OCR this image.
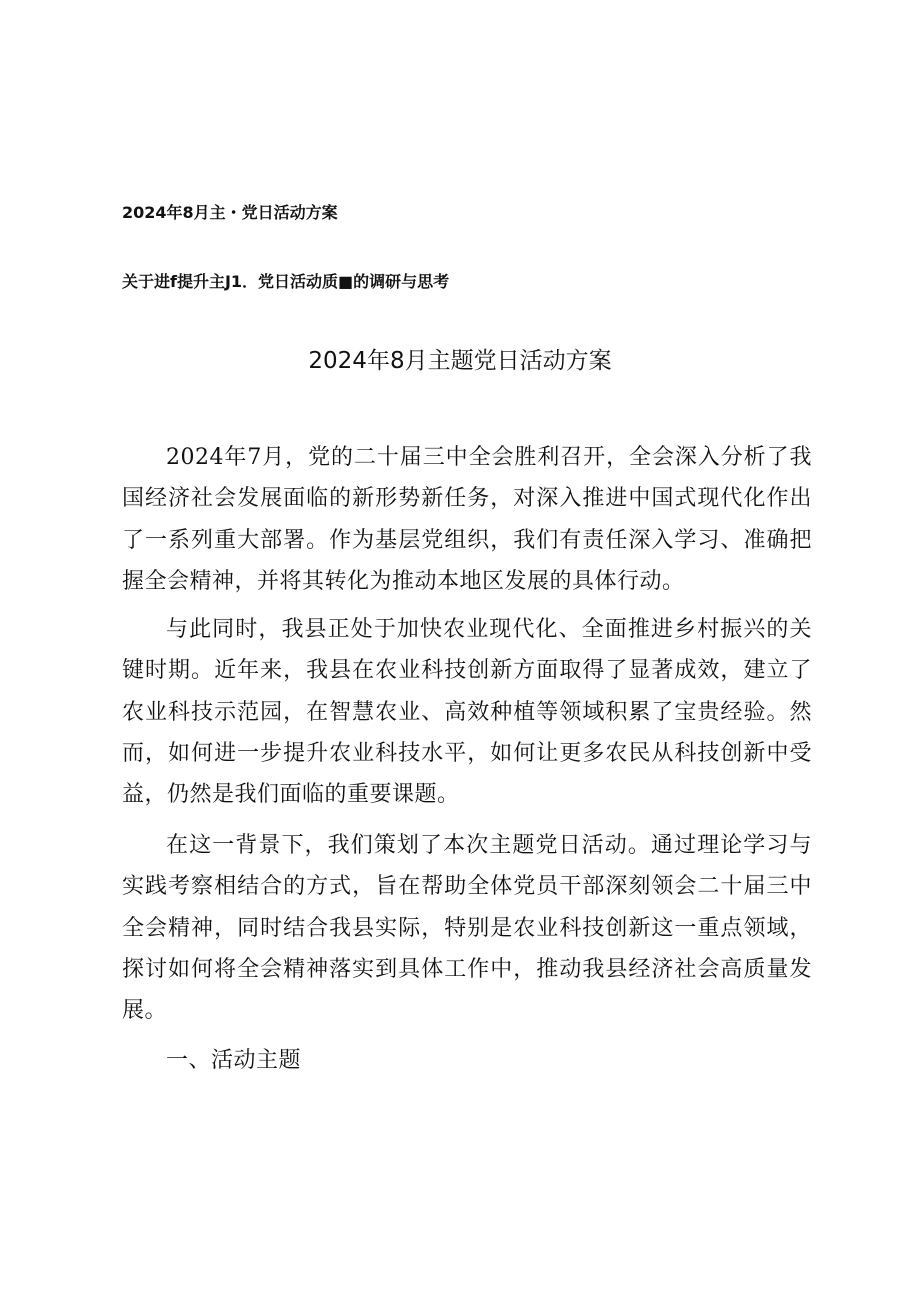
2024年8月主・党日活动方案
关于进f提升主J1．党日活动质■的调研与思考
2024年8月主题党日活动方案

2024年7月，党的二十届三中全会胜利召开，全会深入分析了我国经济社会发展面临的新形势新任务，对深入推进中国式现代化作出了一系列重大部署。作为基层党组织，我们有责任深入学习、准确把握全会精神，并将其转化为推动本地区发展的具体行动。

与此同时，我县正处于加快农业现代化、全面推进乡村振兴的关键时期。近年来，我县在农业科技创新方面取得了显著成效，建立了农业科技示范园，在智慧农业、高效种植等领域积累了宝贵经验。然而，如何进一步提升农业科技水平，如何让更多农民从科技创新中受益，仍然是我们面临的重要课题。

在这一背景下，我们策划了本次主题党日活动。通过理论学习与实践考察相结合的方式，旨在帮助全体党员干部深刻领会二十届三中全会精神，同时结合我县实际，特别是农业科技创新这一重点领域，探讨如何将全会精神落实到具体工作中，推动我县经济社会高质量发展。

一、活动主题
